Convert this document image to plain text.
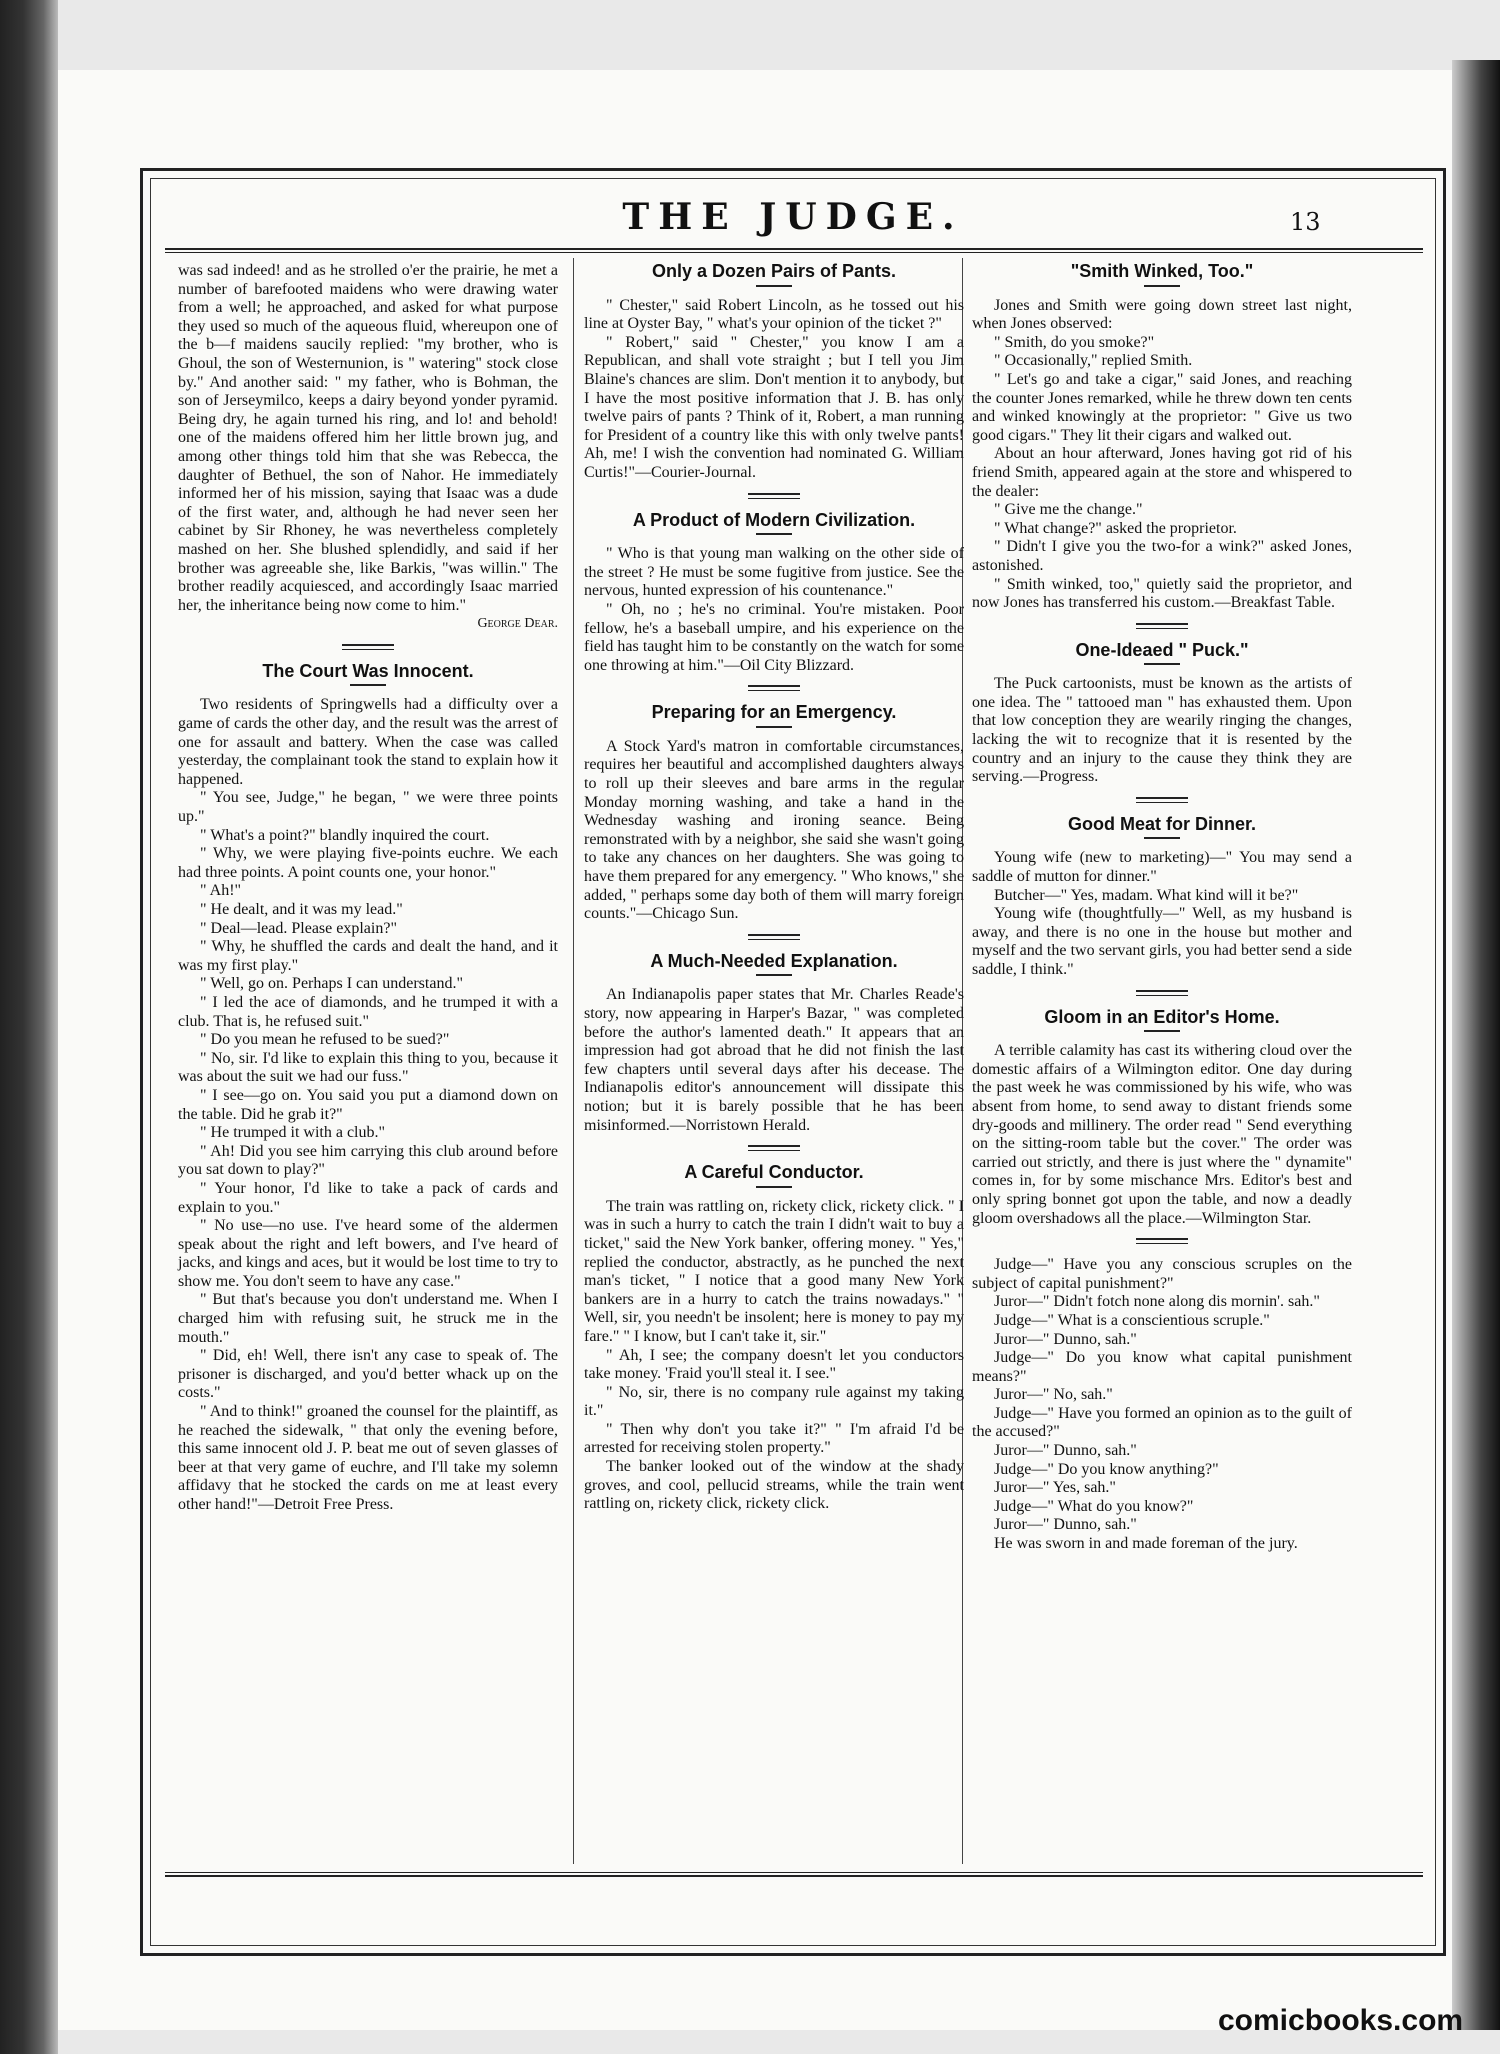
THE JUDGE.	13

was sad indeed! and as he strolled o'er the prairie, he met a number of barefooted maidens who were drawing water from a well; he approached, and asked for what purpose they used so much of the aqueous fluid, whereupon one of the b—f maidens saucily replied: "my brother, who is Ghoul, the son of Westernunion, is " watering" stock close by." And another said: " my father, who is Bohman, the son of Jerseymilco, keeps a dairy beyond yonder pyramid. Being dry, he again turned his ring, and lo! and behold! one of the maidens offered him her little brown jug, and among other things told him that she was Rebecca, the daughter of Bethuel, the son of Nahor. He immediately informed her of his mission, saying that Isaac was a dude of the first water, and, although he had never seen her cabinet by Sir Rhoney, he was nevertheless completely mashed on her. She blushed splendidly, and said if her brother was agreeable she, like Barkis, "was willin." The brother readily acquiesced, and accordingly Isaac married her, the inheritance being now come to him."

George Dear.
The Court Was Innocent.

Two residents of Springwells had a difficulty over a game of cards the other day, and the result was the arrest of one for assault and battery. When the case was called yesterday, the complainant took the stand to explain how it happened.

" You see, Judge," he began, " we were three points up."

" What's a point?" blandly inquired the court.

" Why, we were playing five-points euchre. We each had three points. A point counts one, your honor."

" Ah!"

" He dealt, and it was my lead."

" Deal—lead. Please explain?"

" Why, he shuffled the cards and dealt the hand, and it was my first play."

" Well, go on. Perhaps I can understand."

" I led the ace of diamonds, and he trumped it with a club. That is, he refused suit."

" Do you mean he refused to be sued?"

" No, sir. I'd like to explain this thing to you, because it was about the suit we had our fuss."

" I see—go on. You said you put a diamond down on the table. Did he grab it?"

" He trumped it with a club."

" Ah! Did you see him carrying this club around before you sat down to play?"

" Your honor, I'd like to take a pack of cards and explain to you."

" No use—no use. I've heard some of the aldermen speak about the right and left bowers, and I've heard of jacks, and kings and aces, but it would be lost time to try to show me. You don't seem to have any case."

" But that's because you don't understand me. When I charged him with refusing suit, he struck me in the mouth."

" Did, eh! Well, there isn't any case to speak of. The prisoner is discharged, and you'd better whack up on the costs."

" And to think!" groaned the counsel for the plaintiff, as he reached the sidewalk, " that only the evening before, this same innocent old J. P. beat me out of seven glasses of beer at that very game of euchre, and I'll take my solemn affidavy that he stocked the cards on me at least every other hand!"—Detroit Free Press.

Only a Dozen Pairs of Pants.

" Chester," said Robert Lincoln, as he tossed out his line at Oyster Bay, " what's your opinion of the ticket ?"

" Robert," said " Chester," you know I am a Republican, and shall vote straight ; but I tell you Jim Blaine's chances are slim. Don't mention it to anybody, but I have the most positive information that J. B. has only twelve pairs of pants ? Think of it, Robert, a man running for President of a country like this with only twelve pants! Ah, me! I wish the convention had nominated G. William Curtis!"—Courier-Journal.

A Product of Modern Civilization.

" Who is that young man walking on the other side of the street ? He must be some fugitive from justice. See the nervous, hunted expression of his countenance."

" Oh, no ; he's no criminal. You're mistaken. Poor fellow, he's a baseball umpire, and his experience on the field has taught him to be constantly on the watch for some one throwing at him."—Oil City Blizzard.

Preparing for an Emergency.

A Stock Yard's matron in comfortable circumstances, requires her beautiful and accomplished daughters always to roll up their sleeves and bare arms in the regular Monday morning washing, and take a hand in the Wednesday washing and ironing seance. Being remonstrated with by a neighbor, she said she wasn't going to take any chances on her daughters. She was going to have them prepared for any emergency. " Who knows," she added, " perhaps some day both of them will marry foreign counts."—Chicago Sun.

A Much-Needed Explanation.

An Indianapolis paper states that Mr. Charles Reade's story, now appearing in Harper's Bazar, " was completed before the author's lamented death." It appears that an impression had got abroad that he did not finish the last few chapters until several days after his decease. The Indianapolis editor's announcement will dissipate this notion; but it is barely possible that he has been misinformed.—Norristown Herald.

A Careful Conductor.

The train was rattling on, rickety click, rickety click. " I was in such a hurry to catch the train I didn't wait to buy a ticket," said the New York banker, offering money. " Yes," replied the conductor, abstractly, as he punched the next man's ticket, " I notice that a good many New York bankers are in a hurry to catch the trains nowadays." " Well, sir, you needn't be insolent; here is money to pay my fare." " I know, but I can't take it, sir."

" Ah, I see; the company doesn't let you conductors take money. 'Fraid you'll steal it. I see."

" No, sir, there is no company rule against my taking it."

" Then why don't you take it?" " I'm afraid I'd be arrested for receiving stolen property."

The banker looked out of the window at the shady groves, and cool, pellucid streams, while the train went rattling on, rickety click, rickety click.

"Smith Winked, Too."

Jones and Smith were going down street last night, when Jones observed:

" Smith, do you smoke?"

" Occasionally," replied Smith.

" Let's go and take a cigar," said Jones, and reaching the counter Jones remarked, while he threw down ten cents and winked knowingly at the proprietor: " Give us two good cigars." They lit their cigars and walked out.

About an hour afterward, Jones having got rid of his friend Smith, appeared again at the store and whispered to the dealer:

" Give me the change."

" What change?" asked the proprietor.

" Didn't I give you the two-for a wink?" asked Jones, astonished.

" Smith winked, too," quietly said the proprietor, and now Jones has transferred his custom.—Breakfast Table.

One-Ideaed " Puck."

The Puck cartoonists, must be known as the artists of one idea. The " tattooed man " has exhausted them. Upon that low conception they are wearily ringing the changes, lacking the wit to recognize that it is resented by the country and an injury to the cause they think they are serving.—Progress.

Good Meat for Dinner.

Young wife (new to marketing)—" You may send a saddle of mutton for dinner."

Butcher—" Yes, madam. What kind will it be?"

Young wife (thoughtfully—" Well, as my husband is away, and there is no one in the house but mother and myself and the two servant girls, you had better send a side saddle, I think."

Gloom in an Editor's Home.

A terrible calamity has cast its withering cloud over the domestic affairs of a Wilmington editor. One day during the past week he was commissioned by his wife, who was absent from home, to send away to distant friends some dry-goods and millinery. The order read " Send everything on the sitting-room table but the cover." The order was carried out strictly, and there is just where the " dynamite" comes in, for by some mischance Mrs. Editor's best and only spring bonnet got upon the table, and now a deadly gloom overshadows all the place.—Wilmington Star.

Judge—" Have you any conscious scruples on the subject of capital punishment?"

Juror—" Didn't fotch none along dis mornin'. sah."

Judge—" What is a conscientious scruple."

Juror—" Dunno, sah."

Judge—" Do you know what capital punishment means?"

Juror—" No, sah."

Judge—" Have you formed an opinion as to the guilt of the accused?"

Juror—" Dunno, sah."

Judge—" Do you know anything?"

Juror—" Yes, sah."

Judge—" What do you know?"

Juror—" Dunno, sah."

He was sworn in and made foreman of the jury.

comicbooks.com
